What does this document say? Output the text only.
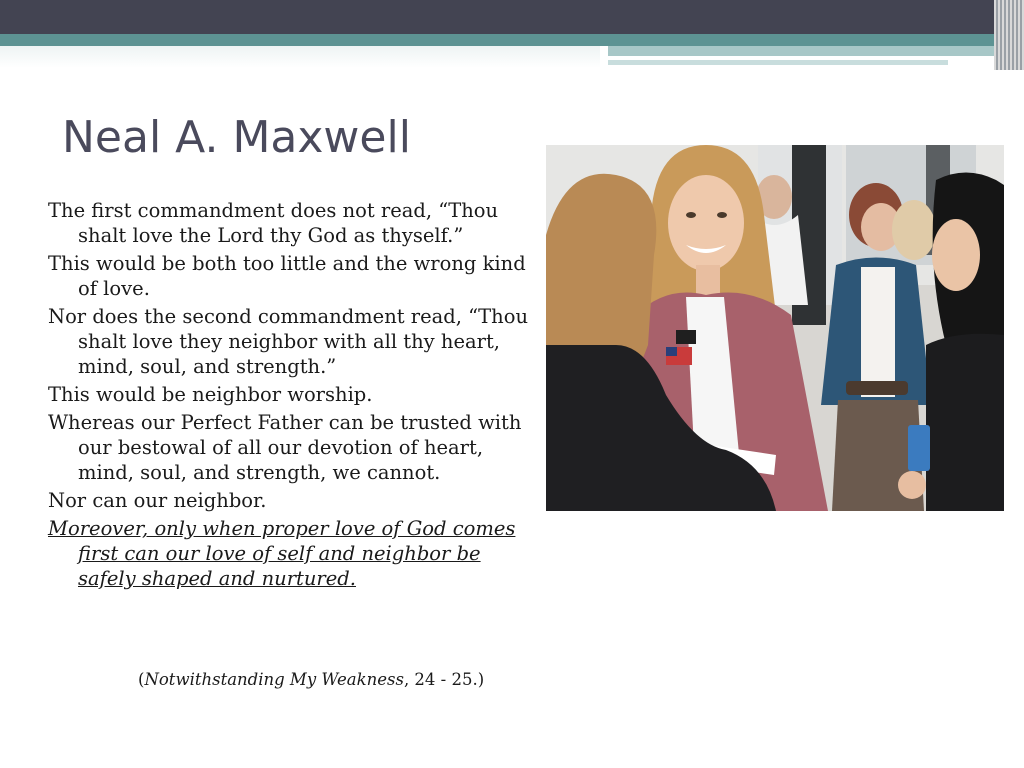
Neal A. Maxwell

The first commandment does not read, “Thou shalt love the Lord thy God as thyself.”

This would be both too little and the wrong kind of love.

Nor does the second commandment read, “Thou shalt love they neighbor with all thy heart, mind, soul, and strength.”

This would be neighbor worship.

Whereas our Perfect Father can be trusted with our bestowal of all our devotion of heart, mind, soul, and strength, we cannot.

Nor can our neighbor.

Moreover, only when proper love of God comes first can our love of self and neighbor be safely shaped and nurtured.

(Notwithstanding My Weakness, 24 - 25.)
